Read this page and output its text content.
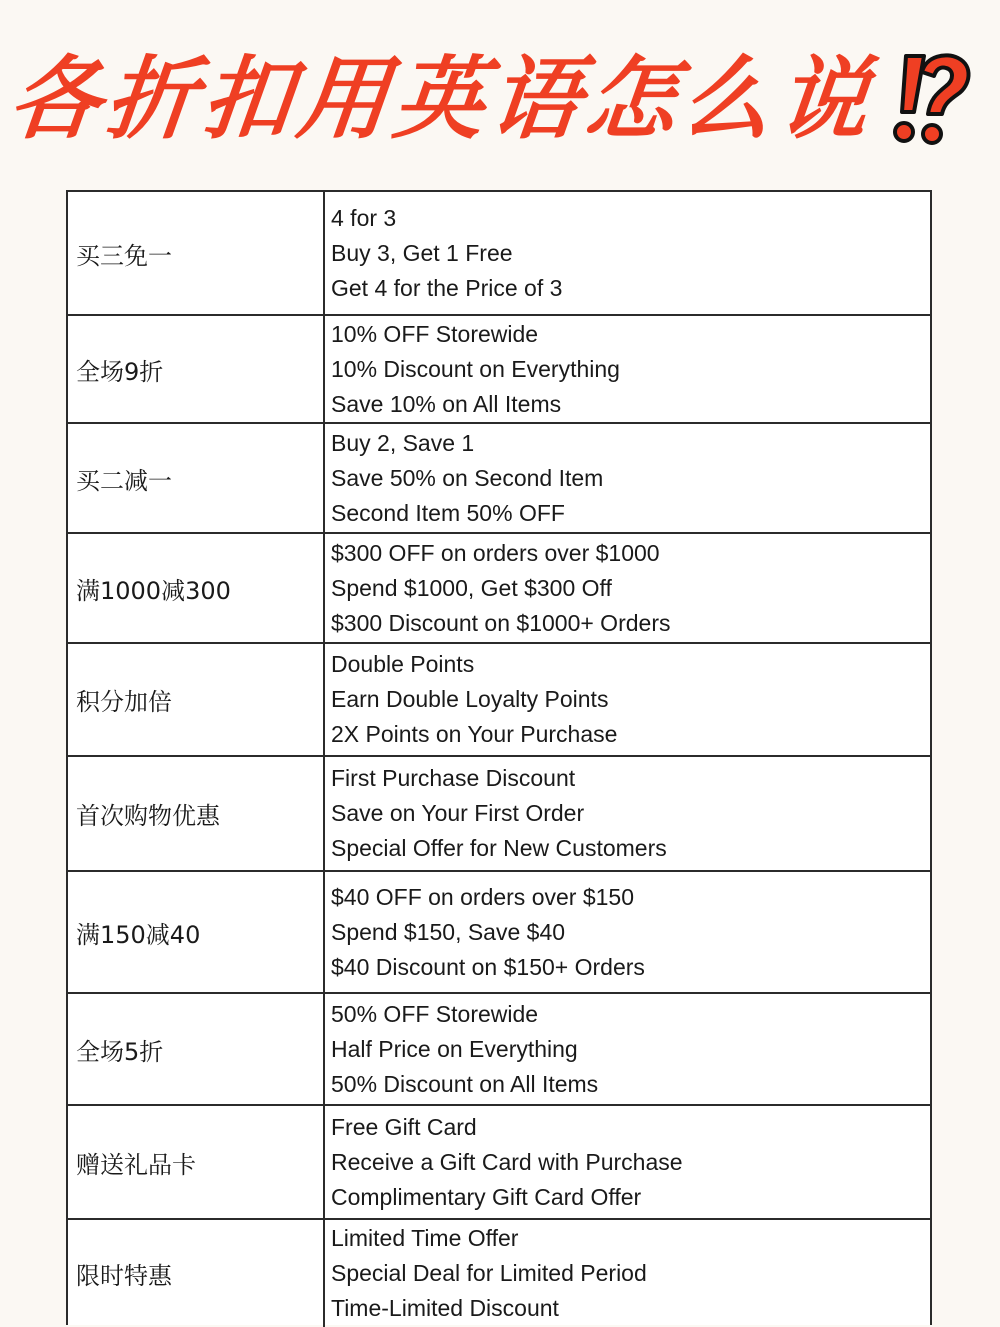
各折扣用英语怎么说
买三免一
4 for 3
Buy 3, Get 1 Free
Get 4 for the Price of 3
全场9折
10% OFF Storewide
10% Discount on Everything
Save 10% on All Items
买二减一
Buy 2, Save 1
Save 50% on Second Item
Second Item 50% OFF
满1000减300
$300 OFF on orders over $1000
Spend $1000, Get $300 Off
$300 Discount on $1000+ Orders
积分加倍
Double Points
Earn Double Loyalty Points
2X Points on Your Purchase
首次购物优惠
First Purchase Discount
Save on Your First Order
Special Offer for New Customers
满150减40
$40 OFF on orders over $150
Spend $150, Save $40
$40 Discount on $150+ Orders
全场5折
50% OFF Storewide
Half Price on Everything
50% Discount on All Items
赠送礼品卡
Free Gift Card
Receive a Gift Card with Purchase
Complimentary Gift Card Offer
限时特惠
Limited Time Offer
Special Deal for Limited Period
Time-Limited Discount
